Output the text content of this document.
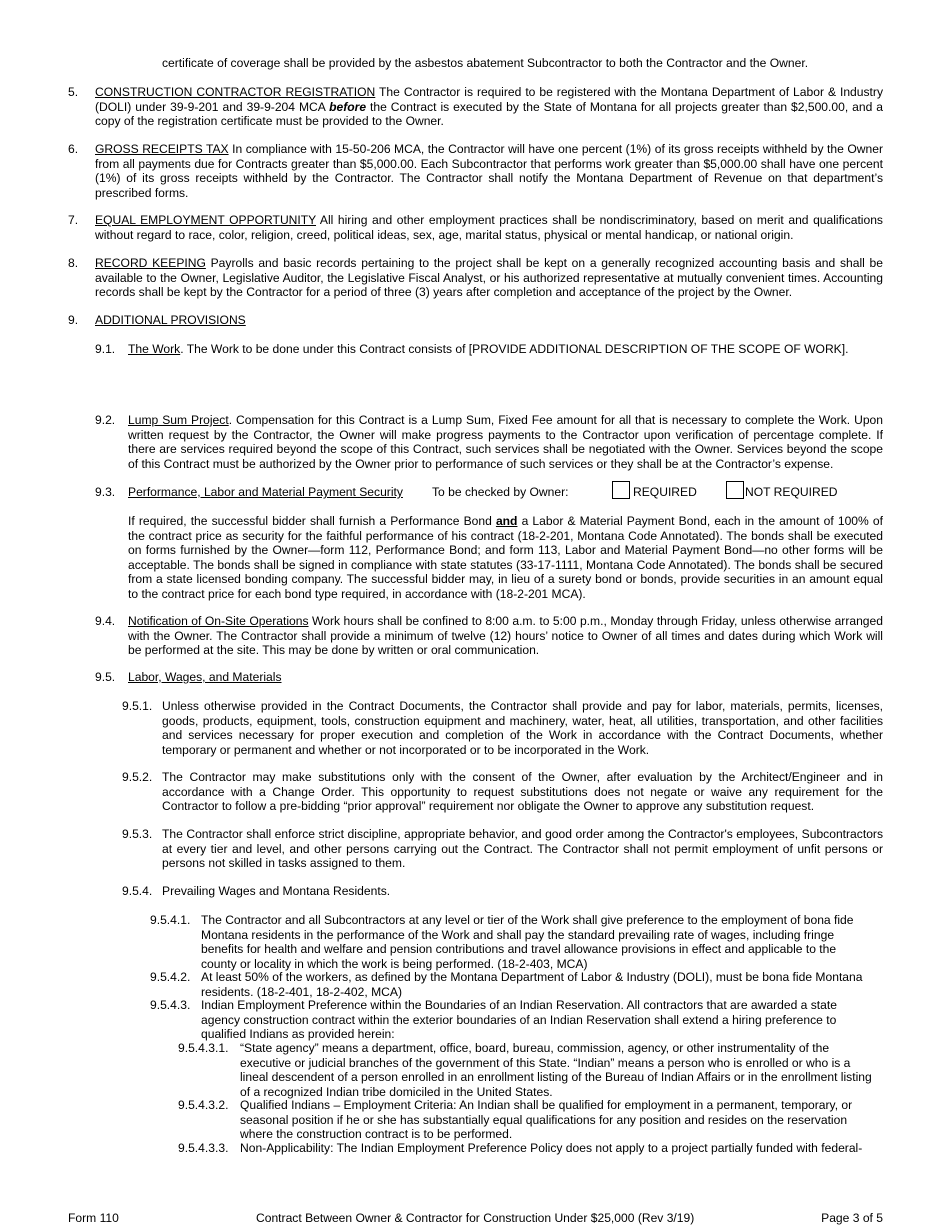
certificate of coverage shall be provided by the asbestos abatement Subcontractor to both the Contractor and the Owner.
5. CONSTRUCTION CONTRACTOR REGISTRATION The Contractor is required to be registered with the Montana Department of Labor & Industry (DOLI) under 39-9-201 and 39-9-204 MCA before the Contract is executed by the State of Montana for all projects greater than $2,500.00, and a copy of the registration certificate must be provided to the Owner.
6. GROSS RECEIPTS TAX In compliance with 15-50-206 MCA, the Contractor will have one percent (1%) of its gross receipts withheld by the Owner from all payments due for Contracts greater than $5,000.00. Each Subcontractor that performs work greater than $5,000.00 shall have one percent (1%) of its gross receipts withheld by the Contractor. The Contractor shall notify the Montana Department of Revenue on that department’s prescribed forms.
7. EQUAL EMPLOYMENT OPPORTUNITY All hiring and other employment practices shall be nondiscriminatory, based on merit and qualifications without regard to race, color, religion, creed, political ideas, sex, age, marital status, physical or mental handicap, or national origin.
8. RECORD KEEPING Payrolls and basic records pertaining to the project shall be kept on a generally recognized accounting basis and shall be available to the Owner, Legislative Auditor, the Legislative Fiscal Analyst, or his authorized representative at mutually convenient times. Accounting records shall be kept by the Contractor for a period of three (3) years after completion and acceptance of the project by the Owner.
9. ADDITIONAL PROVISIONS
9.1. The Work. The Work to be done under this Contract consists of [PROVIDE ADDITIONAL DESCRIPTION OF THE SCOPE OF WORK].
9.2. Lump Sum Project. Compensation for this Contract is a Lump Sum, Fixed Fee amount for all that is necessary to complete the Work. Upon written request by the Contractor, the Owner will make progress payments to the Contractor upon verification of percentage complete. If there are services required beyond the scope of this Contract, such services shall be negotiated with the Owner. Services beyond the scope of this Contract must be authorized by the Owner prior to performance of such services or they shall be at the Contractor’s expense.
9.3. Performance, Labor and Material Payment Security To be checked by Owner:	REQUIRED	NOT REQUIRED
If required, the successful bidder shall furnish a Performance Bond and a Labor & Material Payment Bond, each in the amount of 100% of the contract price as security for the faithful performance of his contract (18-2-201, Montana Code Annotated). The bonds shall be executed on forms furnished by the Owner—form 112, Performance Bond; and form 113, Labor and Material Payment Bond—no other forms will be acceptable. The bonds shall be signed in compliance with state statutes (33-17-1111, Montana Code Annotated). The bonds shall be secured from a state licensed bonding company. The successful bidder may, in lieu of a surety bond or bonds, provide securities in an amount equal to the contract price for each bond type required, in accordance with (18-2-201 MCA).
9.4. Notification of On-Site Operations Work hours shall be confined to 8:00 a.m. to 5:00 p.m., Monday through Friday, unless otherwise arranged with the Owner. The Contractor shall provide a minimum of twelve (12) hours’ notice to Owner of all times and dates during which Work will be performed at the site. This may be done by written or oral communication.
9.5. Labor, Wages, and Materials
9.5.1. Unless otherwise provided in the Contract Documents, the Contractor shall provide and pay for labor, materials, permits, licenses, goods, products, equipment, tools, construction equipment and machinery, water, heat, all utilities, transportation, and other facilities and services necessary for proper execution and completion of the Work in accordance with the Contract Documents, whether temporary or permanent and whether or not incorporated or to be incorporated in the Work.
9.5.2. The Contractor may make substitutions only with the consent of the Owner, after evaluation by the Architect/Engineer and in accordance with a Change Order. This opportunity to request substitutions does not negate or waive any requirement for the Contractor to follow a pre-bidding “prior approval” requirement nor obligate the Owner to approve any substitution request.
9.5.3. The Contractor shall enforce strict discipline, appropriate behavior, and good order among the Contractor's employees, Subcontractors at every tier and level, and other persons carrying out the Contract. The Contractor shall not permit employment of unfit persons or persons not skilled in tasks assigned to them.
9.5.4. Prevailing Wages and Montana Residents.
9.5.4.1. The Contractor and all Subcontractors at any level or tier of the Work shall give preference to the employment of bona fide Montana residents in the performance of the Work and shall pay the standard prevailing rate of wages, including fringe benefits for health and welfare and pension contributions and travel allowance provisions in effect and applicable to the county or locality in which the work is being performed. (18-2-403, MCA)
9.5.4.2. At least 50% of the workers, as defined by the Montana Department of Labor & Industry (DOLI), must be bona fide Montana residents. (18-2-401, 18-2-402, MCA)
9.5.4.3. Indian Employment Preference within the Boundaries of an Indian Reservation. All contractors that are awarded a state agency construction contract within the exterior boundaries of an Indian Reservation shall extend a hiring preference to qualified Indians as provided herein:
9.5.4.3.1. “State agency” means a department, office, board, bureau, commission, agency, or other instrumentality of the executive or judicial branches of the government of this State. “Indian” means a person who is enrolled or who is a lineal descendent of a person enrolled in an enrollment listing of the Bureau of Indian Affairs or in the enrollment listing of a recognized Indian tribe domiciled in the United States.
9.5.4.3.2. Qualified Indians – Employment Criteria: An Indian shall be qualified for employment in a permanent, temporary, or seasonal position if he or she has substantially equal qualifications for any position and resides on the reservation where the construction contract is to be performed.
9.5.4.3.3. Non-Applicability: The Indian Employment Preference Policy does not apply to a project partially funded with federal-
Form 110	Contract Between Owner & Contractor for Construction Under $25,000 (Rev 3/19)	Page 3 of 5
